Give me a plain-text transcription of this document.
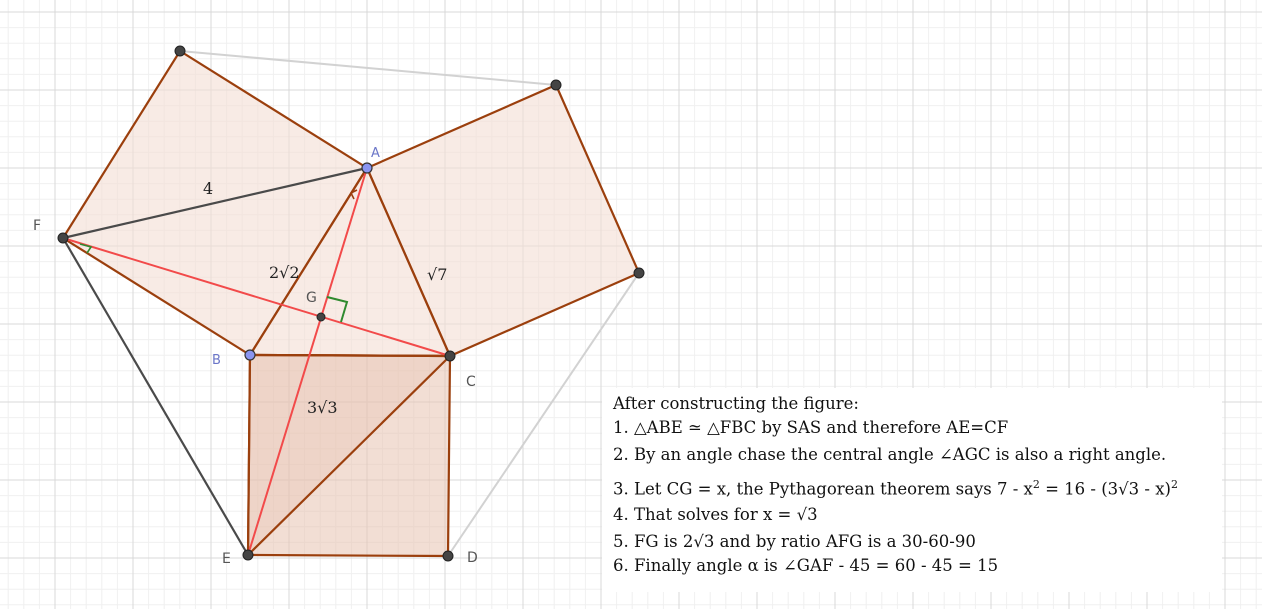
4
2√2	√7
3√3
A
B
C
D
E
F
G
After constructing the figure:
1. △ABE ≃ △FBC by SAS and therefore AE=CF
2. By an angle chase the central angle ∠AGC is also a right angle.
3. Let CG = x, the Pythagorean theorem says $7 - x^2 = 16 - (3√3 - x)^2$
4. That solves for x = √3
5. FG is 2√3 and by ratio AFG is a 30-60-90
6. Finally angle α is ∠GAF - 45 = 60 - 45 = 15
